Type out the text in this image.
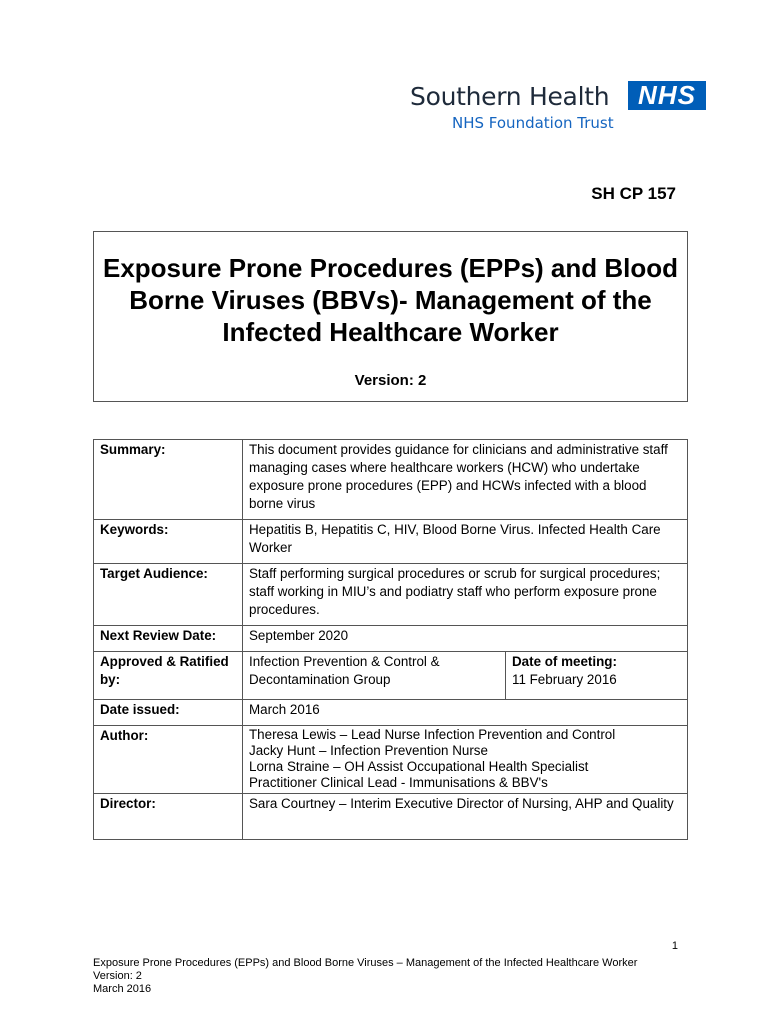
Southern Health	NHS
NHS Foundation Trust
SH CP 157
Exposure Prone Procedures (EPPs) and Blood Borne Viruses (BBVs)- Management of the Infected Healthcare Worker
Version: 2
Summary:	This document provides guidance for clinicians and administrative staff managing cases where healthcare workers (HCW) who undertake exposure prone procedures (EPP) and HCWs infected with a blood borne virus	
Keywords:	Hepatitis B, Hepatitis C, HIV, Blood Borne Virus. Infected Health Care Worker	
Target Audience:	Staff performing surgical procedures or scrub for surgical procedures; staff working in MIU’s and podiatry staff who perform exposure prone procedures.	
Next Review Date:	September 2020	
Approved & Ratified by:	Infection Prevention & Control & Decontamination Group	Date of meeting:
11 February 2016

Date issued:	March 2016	
Author:	Theresa Lewis – Lead Nurse Infection Prevention and Control
Jacky Hunt – Infection Prevention Nurse
Lorna Straine – OH Assist Occupational Health Specialist
Practitioner Clinical Lead - Immunisations & BBV's	

Director:	Sara Courtney – Interim Executive Director of Nursing, AHP and Quality	
1
Exposure Prone Procedures (EPPs) and Blood Borne Viruses – Management of the Infected Healthcare Worker
Version: 2
March 2016
